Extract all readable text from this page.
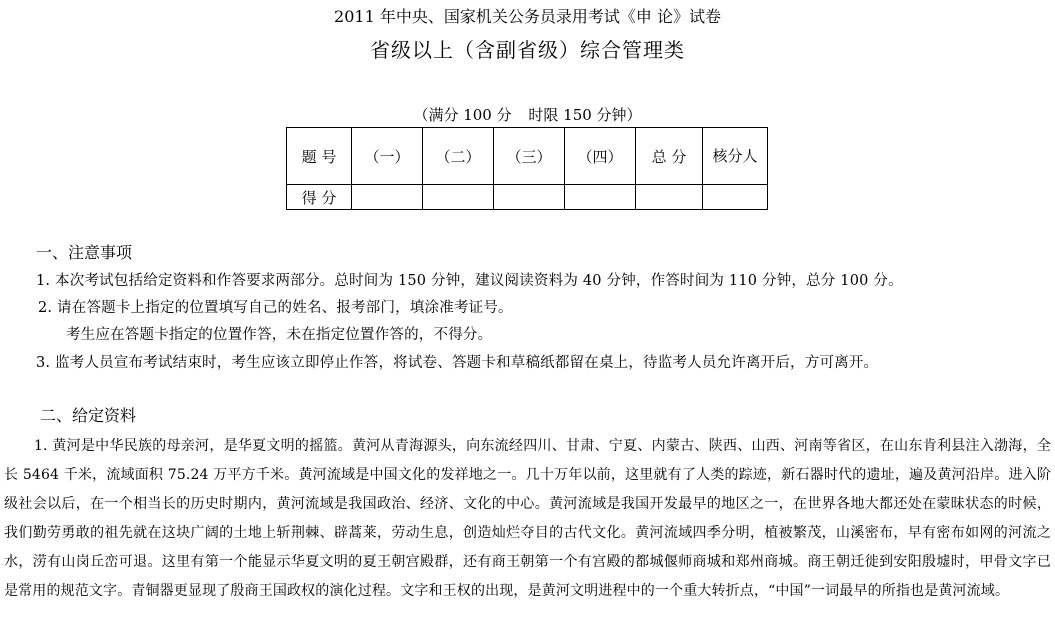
2011 年中央、国家机关公务员录用考试《申 论》试卷
省级以上（含副省级）综合管理类
（满分 100 分 时限 150 分钟）
题 号	（一）	（二）	（三）	（四）	总 分	核分人
得 分						
一、注意事项
1. 本次考试包括给定资料和作答要求两部分。总时间为 150 分钟，建议阅读资料为 40 分钟，作答时间为 110 分钟，总分 100 分。
2. 请在答题卡上指定的位置填写自己的姓名、报考部门，填涂准考证号。
考生应在答题卡指定的位置作答，未在指定位置作答的，不得分。
3. 监考人员宣布考试结束时，考生应该立即停止作答，将试卷、答题卡和草稿纸都留在桌上，待监考人员允许离开后，方可离开。
二、给定资料
1. 黄河是中华民族的母亲河，是华夏文明的摇篮。黄河从青海源头，向东流经四川、甘肃、宁夏、内蒙古、陕西、山西、河南等省区，在山东肯利县注入渤海，全长 5464 千米，流域面积 75.24 万平方千米。黄河流域是中国文化的发祥地之一。几十万年以前，这里就有了人类的踪迹，新石器时代的遗址，遍及黄河沿岸。进入阶级社会以后，在一个相当长的历史时期内，黄河流域是我国政治、经济、文化的中心。黄河流域是我国开发最早的地区之一，在世界各地大都还处在蒙昧状态的时候，我们勤劳勇敢的祖先就在这块广阔的土地上斩荆棘、辟蒿莱，劳动生息，创造灿烂夺目的古代文化。黄河流域四季分明，植被繁茂，山溪密布，早有密布如网的河流之水，涝有山岗丘峦可退。这里有第一个能显示华夏文明的夏王朝宫殿群，还有商王朝第一个有宫殿的都城偃师商城和郑州商城。商王朝迁徙到安阳殷墟时，甲骨文字已是常用的规范文字。青铜器更显现了殷商王国政权的演化过程。文字和王权的出现，是黄河文明进程中的一个重大转折点，“中国”一词最早的所指也是黄河流域。
